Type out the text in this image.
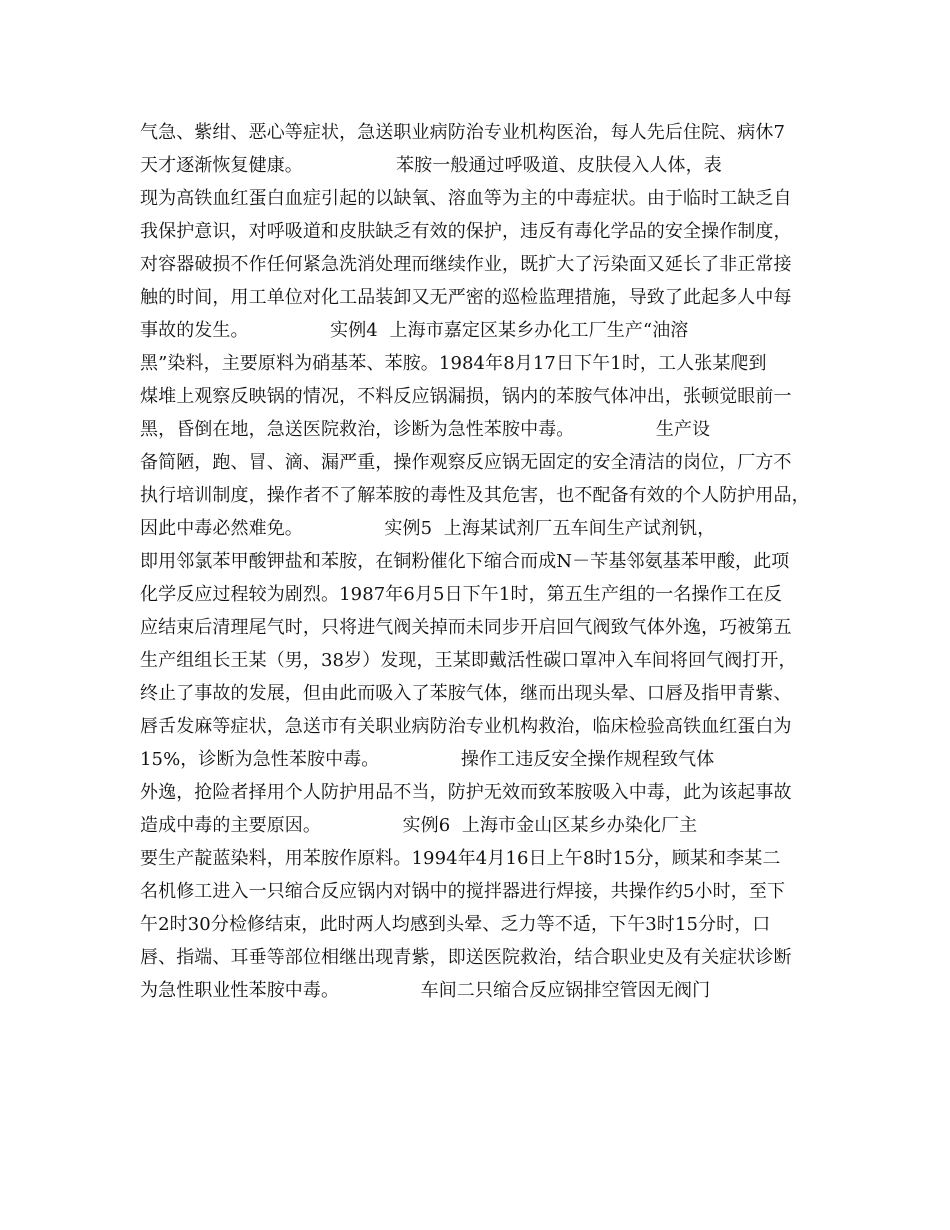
气急、紫绀、恶心等症状，急送职业病防治专业机构医治，每人先后住院、病休7
天才逐渐恢复健康。                苯胺一般通过呼吸道、皮肤侵入人体，表
现为高铁血红蛋白血症引起的以缺氧、溶血等为主的中毒症状。由于临时工缺乏自
我保护意识，对呼吸道和皮肤缺乏有效的保护，违反有毒化学品的安全操作制度，
对容器破损不作任何紧急洗消处理而继续作业，既扩大了污染面又延长了非正常接
触的时间，用工单位对化工品装卸又无严密的巡检监理措施，导致了此起多人中每
事故的发生。              实例4  上海市嘉定区某乡办化工厂生产“油溶
黑”染料，主要原料为硝基苯、苯胺。1984年8月17日下午1时，工人张某爬到
煤堆上观察反映锅的情况，不料反应锅漏损，锅内的苯胺气体冲出，张顿觉眼前一
黑，昏倒在地，急送医院救治，诊断为急性苯胺中毒。              生产设
备简陋，跑、冒、滴、漏严重，操作观察反应锅无固定的安全清洁的岗位，厂方不
执行培训制度，操作者不了解苯胺的毒性及其危害，也不配备有效的个人防护用品，
因此中毒必然难免。              实例5  上海某试剂厂五车间生产试剂钒，
即用邻氯苯甲酸钾盐和苯胺，在铜粉催化下缩合而成N－苄基邻氨基苯甲酸，此项
化学反应过程较为剧烈。1987年6月5日下午1时，第五生产组的一名操作工在反
应结束后清理尾气时，只将进气阀关掉而未同步开启回气阀致气体外逸，巧被第五
生产组组长王某（男，38岁）发现，王某即戴活性碳口罩冲入车间将回气阀打开，
终止了事故的发展，但由此而吸入了苯胺气体，继而出现头晕、口唇及指甲青紫、
唇舌发麻等症状，急送市有关职业病防治专业机构救治，临床检验高铁血红蛋白为
15%，诊断为急性苯胺中毒。              操作工违反安全操作规程致气体
外逸，抢险者择用个人防护用品不当，防护无效而致苯胺吸入中毒，此为该起事故
造成中毒的主要原因。              实例6  上海市金山区某乡办染化厂主
要生产靛蓝染料，用苯胺作原料。1994年4月16日上午8时15分，顾某和李某二
名机修工进入一只缩合反应锅内对锅中的搅拌器进行焊接，共操作约5小时，至下
午2时30分检修结束，此时两人均感到头晕、乏力等不适，下午3时15分时，口
唇、指端、耳垂等部位相继出现青紫，即送医院救治，结合职业史及有关症状诊断
为急性职业性苯胺中毒。              车间二只缩合反应锅排空管因无阀门
